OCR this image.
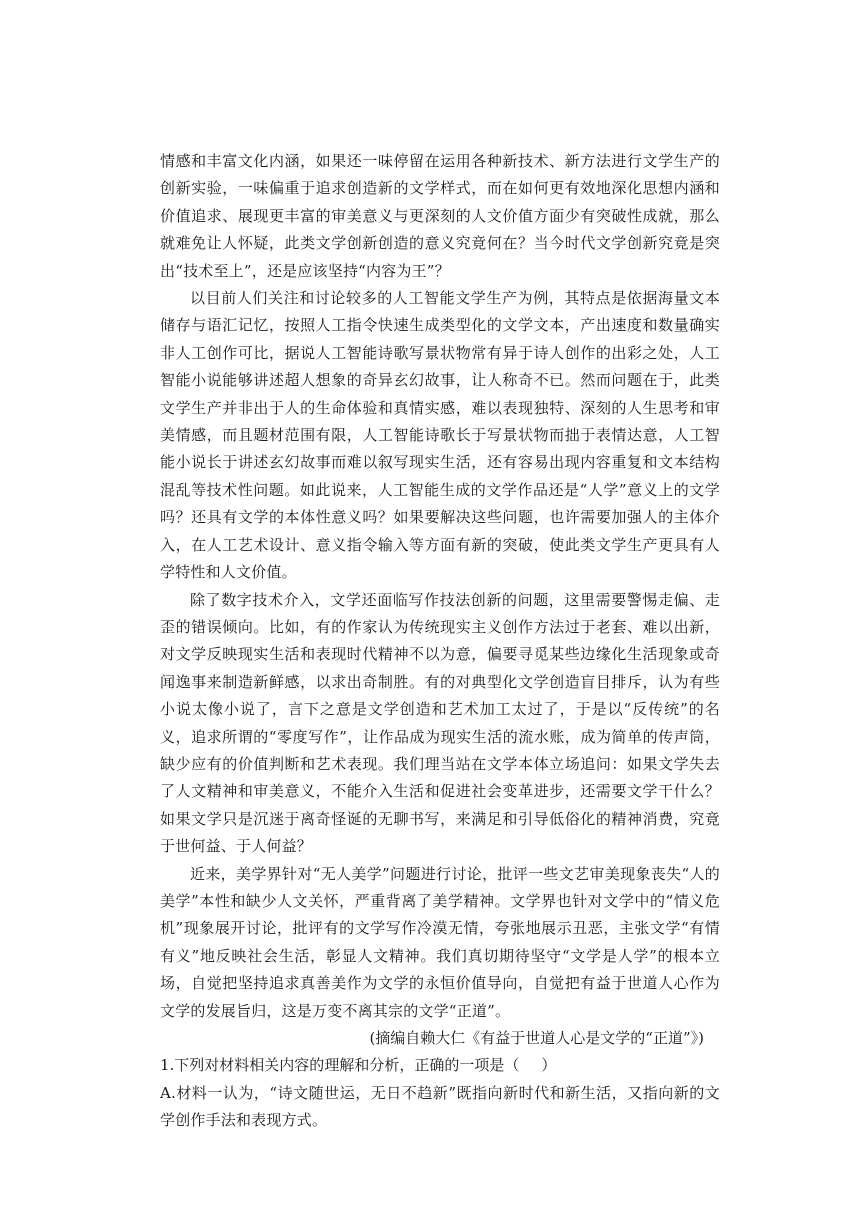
情感和丰富文化内涵，如果还一味停留在运用各种新技术、新方法进行文学生产的创新实验，一味偏重于追求创造新的文学样式，而在如何更有效地深化思想内涵和价值追求、展现更丰富的审美意义与更深刻的人文价值方面少有突破性成就，那么就难免让人怀疑，此类文学创新创造的意义究竟何在？当今时代文学创新究竟是突出“技术至上”，还是应该坚持“内容为王”？

以目前人们关注和讨论较多的人工智能文学生产为例，其特点是依据海量文本储存与语汇记忆，按照人工指令快速生成类型化的文学文本，产出速度和数量确实非人工创作可比，据说人工智能诗歌写景状物常有异于诗人创作的出彩之处，人工智能小说能够讲述超人想象的奇异玄幻故事，让人称奇不已。然而问题在于，此类文学生产并非出于人的生命体验和真情实感，难以表现独特、深刻的人生思考和审美情感，而且题材范围有限，人工智能诗歌长于写景状物而拙于表情达意，人工智能小说长于讲述玄幻故事而难以叙写现实生活，还有容易出现内容重复和文本结构混乱等技术性问题。如此说来，人工智能生成的文学作品还是“人学”意义上的文学吗？还具有文学的本体性意义吗？如果要解决这些问题，也许需要加强人的主体介入，在人工艺术设计、意义指令输入等方面有新的突破，使此类文学生产更具有人学特性和人文价值。

除了数字技术介入，文学还面临写作技法创新的问题，这里需要警惕走偏、走歪的错误倾向。比如，有的作家认为传统现实主义创作方法过于老套、难以出新，对文学反映现实生活和表现时代精神不以为意，偏要寻觅某些边缘化生活现象或奇闻逸事来制造新鲜感，以求出奇制胜。有的对典型化文学创造盲目排斥，认为有些小说太像小说了，言下之意是文学创造和艺术加工太过了，于是以“反传统”的名义，追求所谓的“零度写作”，让作品成为现实生活的流水账，成为简单的传声筒，缺少应有的价值判断和艺术表现。我们理当站在文学本体立场追问：如果文学失去了人文精神和审美意义，不能介入生活和促进社会变革进步，还需要文学干什么？如果文学只是沉迷于离奇怪诞的无聊书写，来满足和引导低俗化的精神消费，究竟于世何益、于人何益？

近来，美学界针对“无人美学”问题进行讨论，批评一些文艺审美现象丧失“人的美学”本性和缺少人文关怀，严重背离了美学精神。文学界也针对文学中的“情义危机”现象展开讨论，批评有的文学写作冷漠无情，夸张地展示丑恶，主张文学“有情有义”地反映社会生活，彰显人文精神。我们真切期待坚守“文学是人学”的根本立场，自觉把坚持追求真善美作为文学的永恒价值导向，自觉把有益于世道人心作为文学的发展旨归，这是万变不离其宗的文学“正道”。

(摘编自赖大仁《有益于世道人心是文学的“正道”》)

1.下列对材料相关内容的理解和分析，正确的一项是（ ）

A.材料一认为，“诗文随世运，无日不趋新”既指向新时代和新生活，又指向新的文学创作手法和表现方式。
